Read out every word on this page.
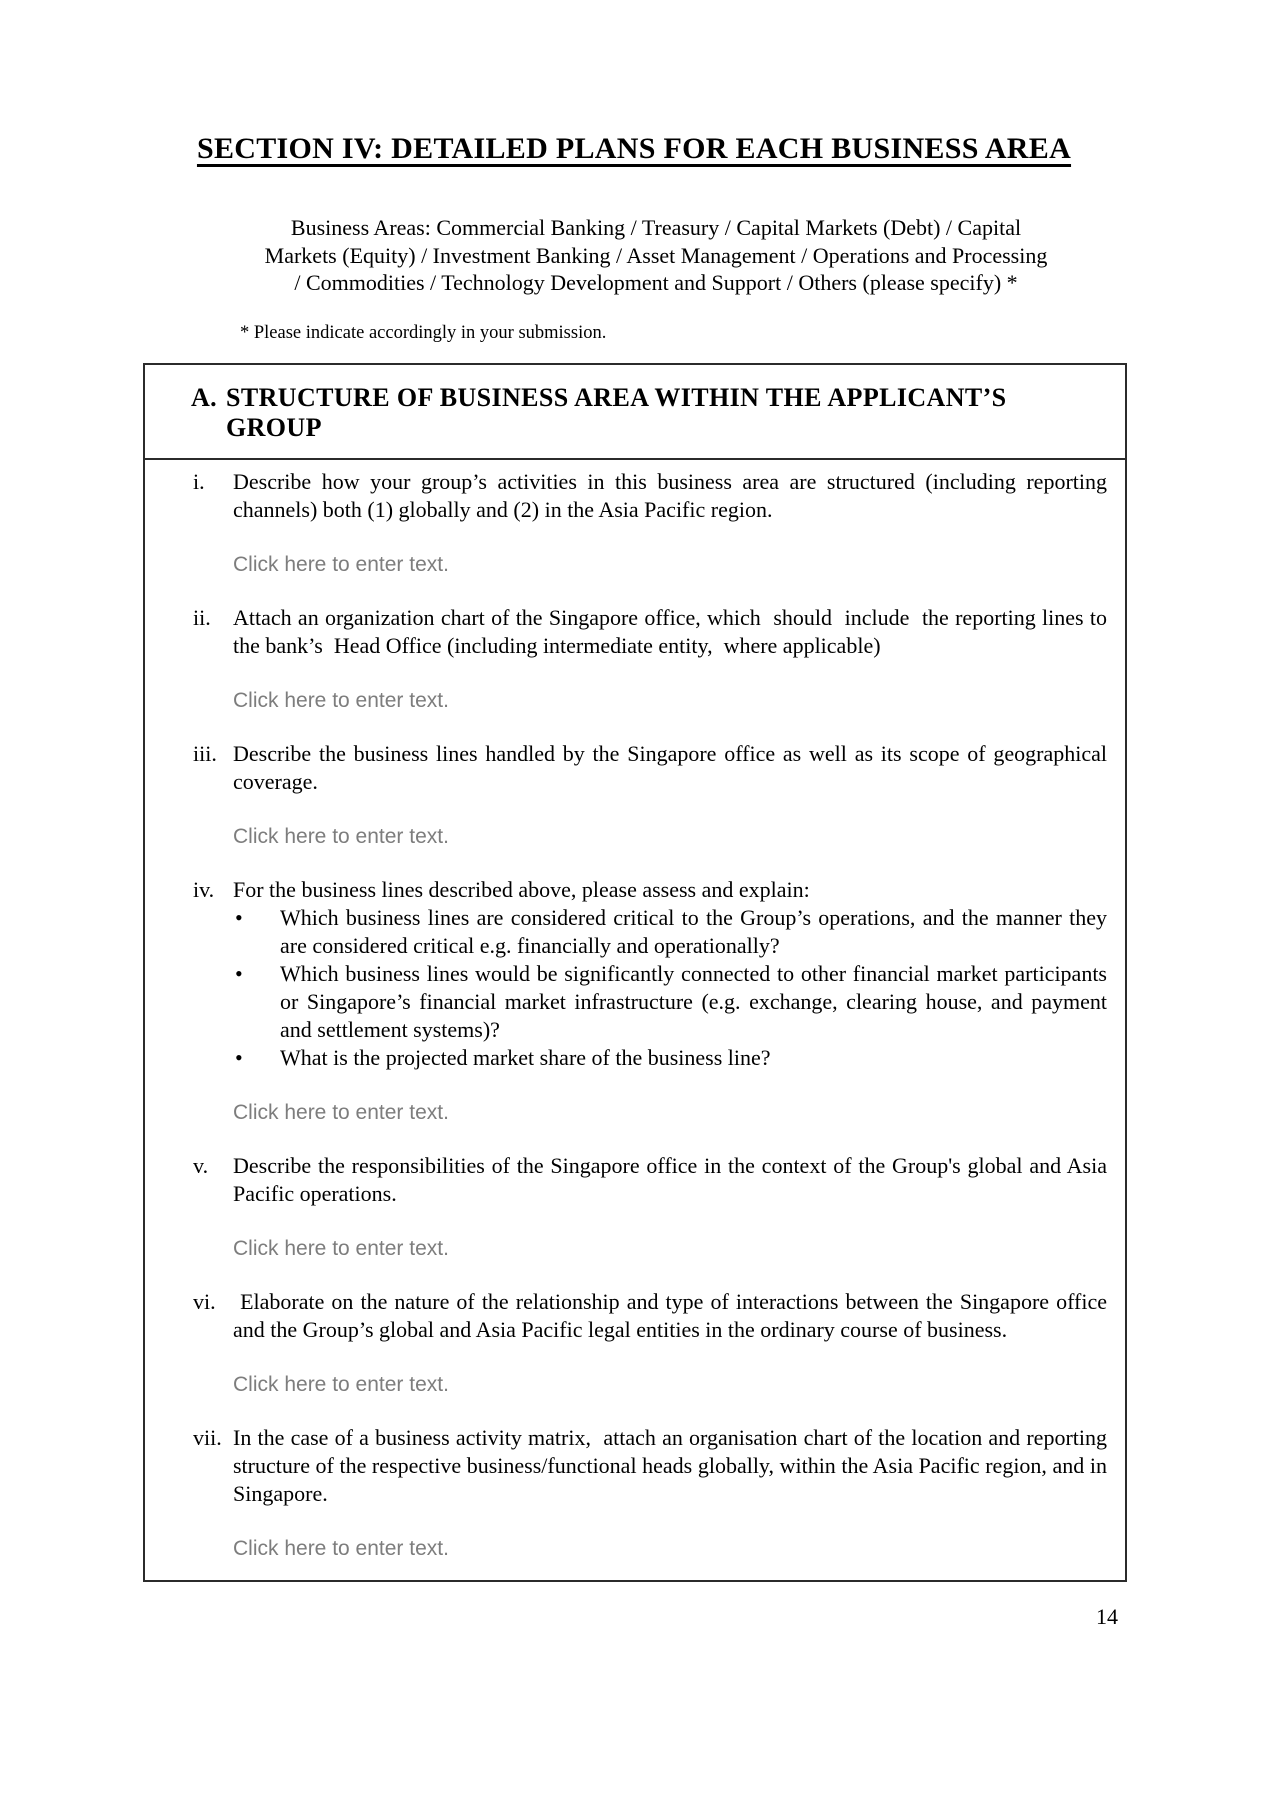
SECTION IV: DETAILED PLANS FOR EACH BUSINESS AREA
Business Areas: Commercial Banking / Treasury / Capital Markets (Debt) / Capital
Markets (Equity) / Investment Banking / Asset Management / Operations and Processing
/ Commodities / Technology Development and Support / Others (please specify) *

* Please indicate accordingly in your submission.

A. STRUCTURE OF BUSINESS AREA WITHIN THE APPLICANT’S GROUP
i.	Describe how your group’s activities in this business area are structured (including reporting channels) both (1) globally and (2) in the Asia Pacific region.

Click here to enter text.

ii.	Attach an organization chart of the Singapore office, which  should  include  the reporting lines to  the bank’s  Head Office (including intermediate entity,  where applicable)

Click here to enter text.

iii. Describe the business lines handled by the Singapore office as well as its scope of geographical coverage.

Click here to enter text.

iv. For the business lines described above, please assess and explain:

•	Which business lines are considered critical to the Group’s operations, and the manner they are considered critical e.g. financially and operationally?

•	Which business lines would be significantly connected to other financial market participants or Singapore’s financial market infrastructure (e.g. exchange, clearing house, and payment and settlement systems)?

•	What is the projected market share of the business line?

Click here to enter text.

v.	Describe the responsibilities of the Singapore office in the context of the Group's global and Asia Pacific operations.

Click here to enter text.

vi. Elaborate on the nature of the relationship and type of interactions between the Singapore office and the Group’s global and Asia Pacific legal entities in the ordinary course of business.

Click here to enter text.

vii. In the case of a business activity matrix,  attach an organisation chart of the location and reporting structure of the respective business/functional heads globally, within the Asia Pacific region, and in Singapore.

Click here to enter text.

14
